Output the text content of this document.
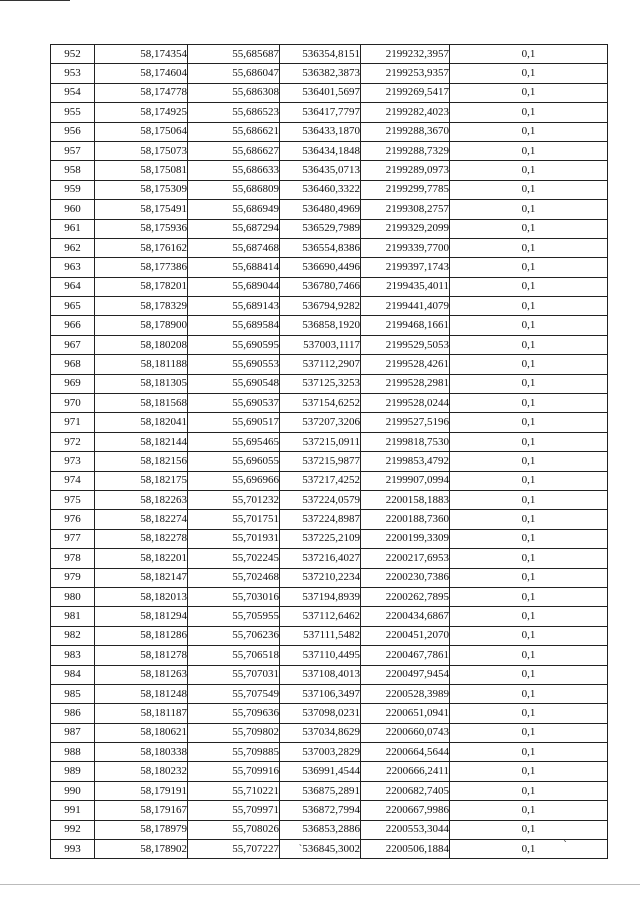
952	58,174354	55,685687	536354,8151	2199232,3957	0,1
953	58,174604	55,686047	536382,3873	2199253,9357	0,1
954	58,174778	55,686308	536401,5697	2199269,5417	0,1
955	58,174925	55,686523	536417,7797	2199282,4023	0,1
956	58,175064	55,686621	536433,1870	2199288,3670	0,1
957	58,175073	55,686627	536434,1848	2199288,7329	0,1
958	58,175081	55,686633	536435,0713	2199289,0973	0,1
959	58,175309	55,686809	536460,3322	2199299,7785	0,1
960	58,175491	55,686949	536480,4969	2199308,2757	0,1
961	58,175936	55,687294	536529,7989	2199329,2099	0,1
962	58,176162	55,687468	536554,8386	2199339,7700	0,1
963	58,177386	55,688414	536690,4496	2199397,1743	0,1
964	58,178201	55,689044	536780,7466	2199435,4011	0,1
965	58,178329	55,689143	536794,9282	2199441,4079	0,1
966	58,178900	55,689584	536858,1920	2199468,1661	0,1
967	58,180208	55,690595	537003,1117	2199529,5053	0,1
968	58,181188	55,690553	537112,2907	2199528,4261	0,1
969	58,181305	55,690548	537125,3253	2199528,2981	0,1
970	58,181568	55,690537	537154,6252	2199528,0244	0,1
971	58,182041	55,690517	537207,3206	2199527,5196	0,1
972	58,182144	55,695465	537215,0911	2199818,7530	0,1
973	58,182156	55,696055	537215,9877	2199853,4792	0,1
974	58,182175	55,696966	537217,4252	2199907,0994	0,1
975	58,182263	55,701232	537224,0579	2200158,1883	0,1
976	58,182274	55,701751	537224,8987	2200188,7360	0,1
977	58,182278	55,701931	537225,2109	2200199,3309	0,1
978	58,182201	55,702245	537216,4027	2200217,6953	0,1
979	58,182147	55,702468	537210,2234	2200230,7386	0,1
980	58,182013	55,703016	537194,8939	2200262,7895	0,1
981	58,181294	55,705955	537112,6462	2200434,6867	0,1
982	58,181286	55,706236	537111,5482	2200451,2070	0,1
983	58,181278	55,706518	537110,4495	2200467,7861	0,1
984	58,181263	55,707031	537108,4013	2200497,9454	0,1
985	58,181248	55,707549	537106,3497	2200528,3989	0,1
986	58,181187	55,709636	537098,0231	2200651,0941	0,1
987	58,180621	55,709802	537034,8629	2200660,0743	0,1
988	58,180338	55,709885	537003,2829	2200664,5644	0,1
989	58,180232	55,709916	536991,4544	2200666,2411	0,1
990	58,179191	55,710221	536875,2891	2200682,7405	0,1
991	58,179167	55,709971	536872,7994	2200667,9986	0,1
992	58,178979	55,708026	536853,2886	2200553,3044	0,1
993	58,178902	55,707227	`536845,3002	2200506,1884	0,1	`
